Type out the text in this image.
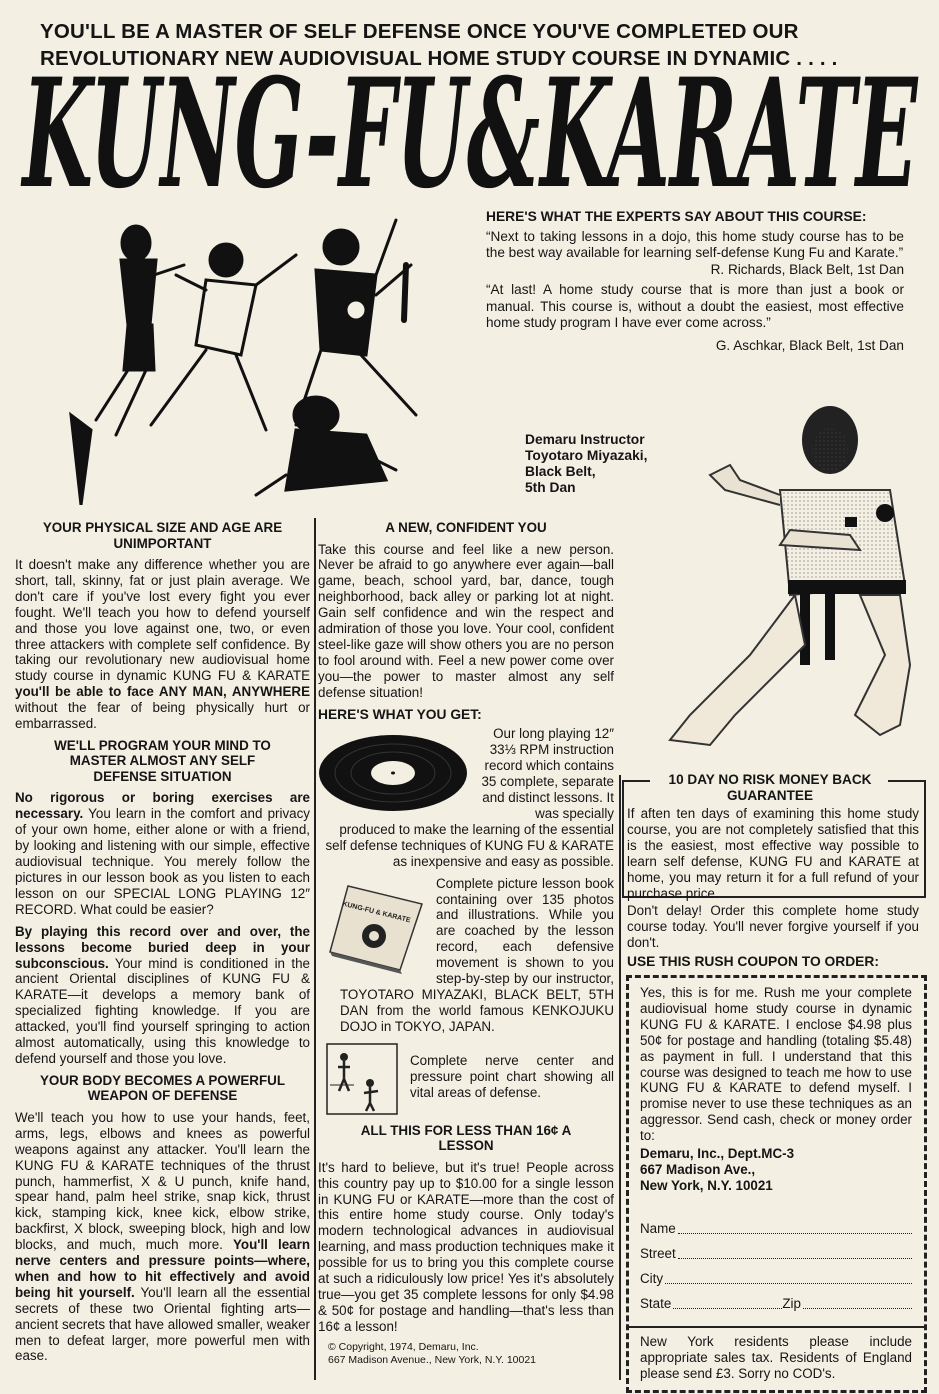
YOU'LL BE A MASTER OF SELF DEFENSE ONCE YOU'VE COMPLETED OUR
REVOLUTIONARY NEW AUDIOVISUAL HOME STUDY COURSE IN DYNAMIC . . . .
KUNG-FU&KARATE
HERE'S WHAT THE EXPERTS SAY ABOUT THIS COURSE:

“Next to taking lessons in a dojo, this home study course has to be the best way available for learning self-defense Kung Fu and Karate.”

R. Richards, Black Belt, 1st Dan

“At last! A home study course that is more than just a book or manual. This course is, without a doubt the easiest, most effective home study program I have ever come across.”

G. Aschkar, Black Belt, 1st Dan

Demaru Instructor
Toyotaro Miyazaki,
Black Belt,
5th Dan

YOUR PHYSICAL SIZE AND AGE ARE UNIMPORTANT

It doesn't make any difference whether you are short, tall, skinny, fat or just plain average. We don't care if you've lost every fight you ever fought. We'll teach you how to defend yourself and those you love against one, two, or even three attackers with complete self confidence. By taking our revolutionary new audiovisual home study course in dynamic KUNG FU & KARATE you'll be able to face ANY MAN, ANYWHERE without the fear of being physically hurt or embarrassed.

WE'LL PROGRAM YOUR MIND TO MASTER ALMOST ANY SELF DEFENSE SITUATION

No rigorous or boring exercises are necessary. You learn in the comfort and privacy of your own home, either alone or with a friend, by looking and listening with our simple, effective audiovisual technique. You merely follow the pictures in our lesson book as you listen to each lesson on our SPECIAL LONG PLAYING 12″ RECORD. What could be easier?

By playing this record over and over, the lessons become buried deep in your subconscious. Your mind is conditioned in the ancient Oriental disciplines of KUNG FU & KARATE—it develops a memory bank of specialized fighting knowledge. If you are attacked, you'll find yourself springing to action almost automatically, using this knowledge to defend yourself and those you love.

YOUR BODY BECOMES A POWERFUL WEAPON OF DEFENSE

We'll teach you how to use your hands, feet, arms, legs, elbows and knees as powerful weapons against any attacker. You'll learn the KUNG FU & KARATE techniques of the thrust punch, hammerfist, X & U punch, knife hand, spear hand, palm heel strike, snap kick, thrust kick, stamping kick, knee kick, elbow strike, backfirst, X block, sweeping block, high and low blocks, and much, much more. You'll learn nerve centers and pressure points—where, when and how to hit effectively and avoid being hit yourself. You'll learn all the essential secrets of these two Oriental fighting arts—ancient secrets that have allowed smaller, weaker men to defeat larger, more powerful men with ease.

A NEW, CONFIDENT YOU

Take this course and feel like a new person. Never be afraid to go anywhere ever again—ball game, beach, school yard, bar, dance, tough neighborhood, back alley or parking lot at night. Gain self confidence and win the respect and admiration of those you love. Your cool, confident steel-like gaze will show others you are no person to fool around with. Feel a new power come over you—the power to master almost any self defense situation!

HERE'S WHAT YOU GET:

Our long playing 12″ 33⅓ RPM instruction record which contains 35 complete, separate and distinct lessons. It was specially produced to make the learning of the essential self defense techniques of KUNG FU & KARATE as inexpensive and easy as possible.

KUNG-FU & KARATE

Complete picture lesson book containing over 135 photos and illustrations. While you are coached by the lesson record, each defensive movement is shown to you step-by-step by our instructor, TOYOTARO MIYAZAKI, BLACK BELT, 5TH DAN from the world famous KENKOJUKU DOJO in TOKYO, JAPAN.

Complete nerve center and pressure point chart showing all vital areas of defense.

ALL THIS FOR LESS THAN 16¢ A LESSON

It's hard to believe, but it's true! People across this country pay up to $10.00 for a single lesson in KUNG FU or KARATE—more than the cost of this entire home study course. Only today's modern technological advances in audiovisual learning, and mass production techniques make it possible for us to bring you this complete course at such a ridiculously low price! Yes it's absolutely true—you get 35 complete lessons for only $4.98 & 50¢ for postage and handling—that's less than 16¢ a lesson!

© Copyright, 1974, Demaru, Inc.
667 Madison Avenue., New York, N.Y. 10021
10 DAY NO RISK MONEY BACK GUARANTEE
If aften ten days of examining this home study course, you are not completely satisfied that this is the easiest, most effective way possible to learn self defense, KUNG FU and KARATE at home, you may return it for a full refund of your purchase price.
Don't delay! Order this complete home study course today. You'll never forgive yourself if you don't.
USE THIS RUSH COUPON TO ORDER:

Yes, this is for me. Rush me your complete audiovisual home study course in dynamic KUNG FU & KARATE. I enclose $4.98 plus 50¢ for postage and handling (totaling $5.48) as payment in full. I understand that this course was designed to teach me how to use KUNG FU & KARATE to defend myself. I promise never to use these techniques as an aggressor. Send cash, check or money order to:

Demaru, Inc., Dept.MC-3
667 Madison Ave.,
New York, N.Y. 10021
Name
Street
City
State	Zip

New York residents please include appropriate sales tax. Residents of England please send £3. Sorry no COD's.
